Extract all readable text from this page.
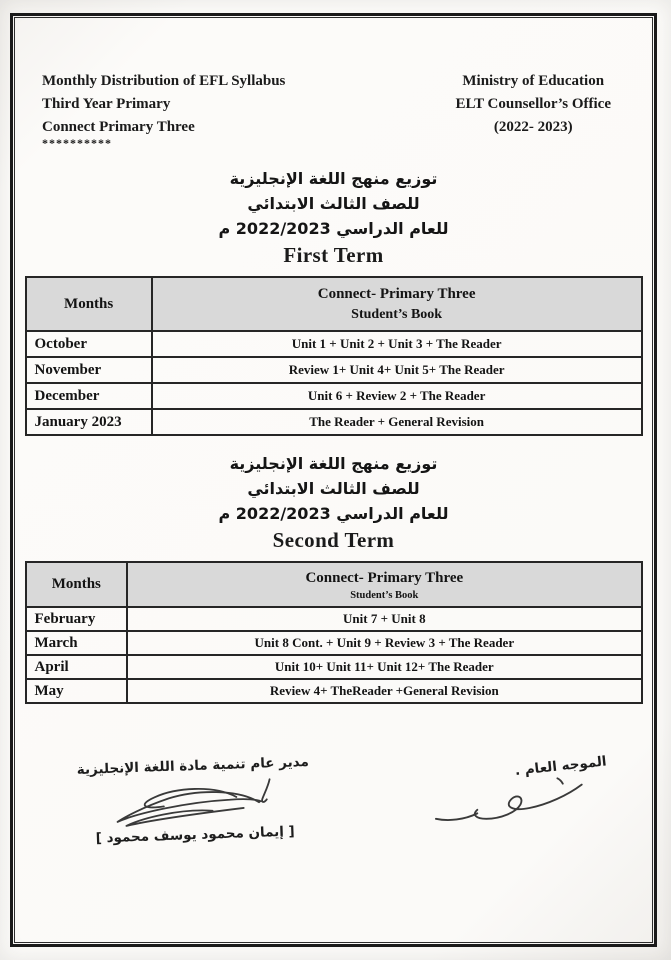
Monthly Distribution of EFL Syllabus
Third Year Primary
Connect Primary Three
Ministry of Education
ELT Counsellor’s Office
(2022- 2023)
**********
توزيع منهج اللغة الإنجليزية
للصف الثالث الابتدائي
للعام الدراسي 2022/2023 م
First Term
Months	Connect- Primary Three
Student’s Book

October	Unit 1 + Unit 2 + Unit 3 + The Reader
November	Review 1+ Unit 4+ Unit 5+ The Reader
December	Unit 6 + Review 2 + The Reader
January 2023	The Reader + General Revision
توزيع منهج اللغة الإنجليزية
للصف الثالث الابتدائي
للعام الدراسي 2022/2023 م
Second Term
Months	Connect- Primary Three
Student’s Book

February	Unit 7 + Unit 8
March	Unit 8 Cont. + Unit 9 + Review 3 + The Reader
April	Unit 10+ Unit 11+ Unit 12+ The Reader
May	Review 4+ TheReader +General Revision
مدير عام تنمية مادة اللغة الإنجليزية
[ إيمان محمود يوسف محمود ]
الموجه العام .
